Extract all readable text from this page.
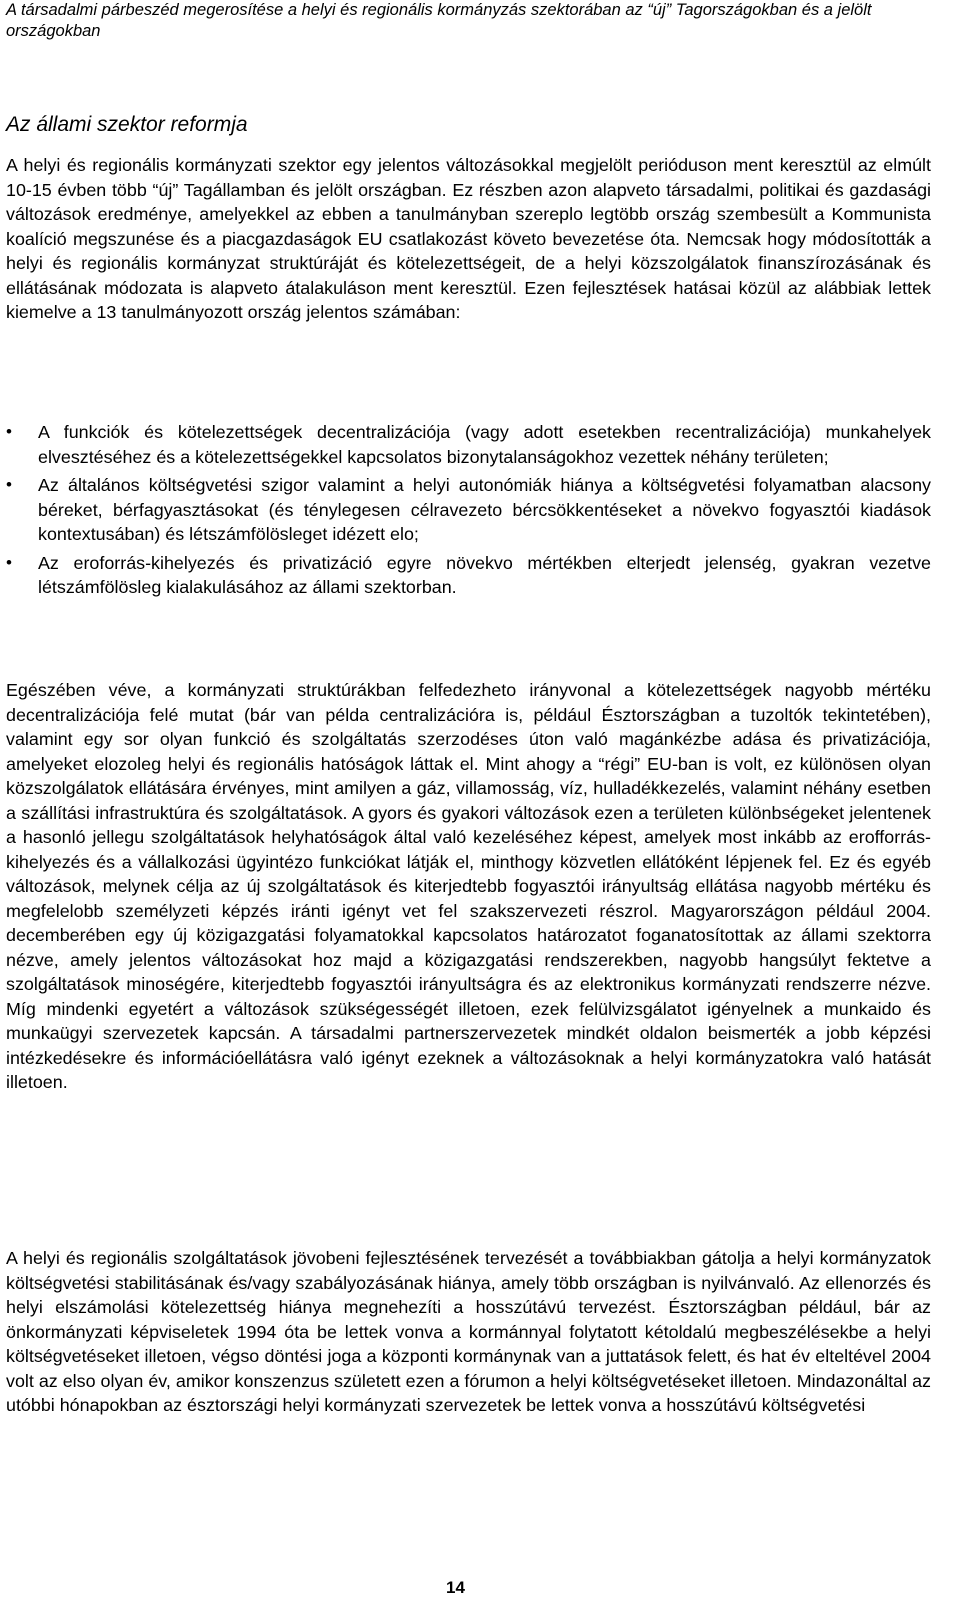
A társadalmi párbeszéd megerosítése a helyi és regionális kormányzás szektorában az “új” Tagországokban és a jelölt országokban

Az állami szektor reformja

A helyi és regionális kormányzati szektor egy jelentos változásokkal megjelölt perióduson ment keresztül az elmúlt 10-15 évben több “új” Tagállamban és jelölt országban. Ez részben azon alapveto társadalmi, politikai és gazdasági változások eredménye, amelyekkel az ebben a tanulmányban szereplo legtöbb ország szembesült a Kommunista koalíció megszunése és a piacgazdaságok EU csatlakozást követo bevezetése óta. Nemcsak hogy módosították a helyi és regionális kormányzat struktúráját és kötelezettségeit, de a helyi közszolgálatok finanszírozásának és ellátásának módozata is alapveto átalakuláson ment keresztül. Ezen fejlesztések hatásai közül az alábbiak lettek kiemelve a 13 tanulmányozott ország jelentos számában:

•	A funkciók és kötelezettségek decentralizációja (vagy adott esetekben recentralizációja) munkahelyek elvesztéséhez és a kötelezettségekkel kapcsolatos bizonytalanságokhoz vezettek néhány területen;
•	Az általános költségvetési szigor valamint a helyi autonómiák hiánya a költségvetési folyamatban alacsony béreket, bérfagyasztásokat (és ténylegesen célravezeto bércsökkentéseket a növekvo fogyasztói kiadások kontextusában) és létszámfölösleget idézett elo;
•	Az eroforrás-kihelyezés és privatizáció egyre növekvo mértékben elterjedt jelenség, gyakran vezetve létszámfölösleg kialakulásához az állami szektorban.

Egészében véve, a kormányzati struktúrákban felfedezheto irányvonal a kötelezettségek nagyobb mértéku decentralizációja felé mutat (bár van példa centralizációra is, például Észtországban a tuzoltók tekintetében), valamint egy sor olyan funkció és szolgáltatás szerzodéses úton való magánkézbe adása és privatizációja, amelyeket elozoleg helyi és regionális hatóságok láttak el. Mint ahogy a “régi” EU-ban is volt, ez különösen olyan közszolgálatok ellátására érvényes, mint amilyen a gáz, villamosság, víz, hulladékkezelés, valamint néhány esetben a szállítási infrastruktúra és szolgáltatások. A gyors és gyakori változások ezen a területen különbségeket jelentenek a hasonló jellegu szolgáltatások helyhatóságok által való kezeléséhez képest, amelyek most inkább az erofforrás-kihelyezés és a vállalkozási ügyintézo funkciókat látják el, minthogy közvetlen ellátóként lépjenek fel. Ez és egyéb változások, melynek célja az új szolgáltatások és kiterjedtebb fogyasztói irányultság ellátása nagyobb mértéku és megfelelobb személyzeti képzés iránti igényt vet fel szakszervezeti részrol. Magyarországon például 2004. decemberében egy új közigazgatási folyamatokkal kapcsolatos határozatot foganatosítottak az állami szektorra nézve, amely jelentos változásokat hoz majd a közigazgatási rendszerekben, nagyobb hangsúlyt fektetve a szolgáltatások minoségére, kiterjedtebb fogyasztói irányultságra és az elektronikus kormányzati rendszerre nézve. Míg mindenki egyetért a változások szükségességét illetoen, ezek felülvizsgálatot igényelnek a munkaido és munkaügyi szervezetek kapcsán. A társadalmi partnerszervezetek mindkét oldalon beismerték a jobb képzési intézkedésekre és információellátásra való igényt ezeknek a változásoknak a helyi kormányzatokra való hatását illetoen.

A helyi és regionális szolgáltatások jövobeni fejlesztésének tervezését a továbbiakban gátolja a helyi kormányzatok költségvetési stabilitásának és/vagy szabályozásának hiánya, amely több országban is nyilvánvaló. Az ellenorzés és helyi elszámolási kötelezettség hiánya megnehezíti a hosszútávú tervezést. Észtországban például, bár az önkormányzati képviseletek 1994 óta be lettek vonva a kormánnyal folytatott kétoldalú megbeszélésekbe a helyi költségvetéseket illetoen, végso döntési joga a központi kormánynak van a juttatások felett, és hat év elteltével 2004 volt az elso olyan év, amikor konszenzus született ezen a fórumon a helyi költségvetéseket illetoen. Mindazonáltal az utóbbi hónapokban az észtországi helyi kormányzati szervezetek be lettek vonva a hosszútávú költségvetési

14
